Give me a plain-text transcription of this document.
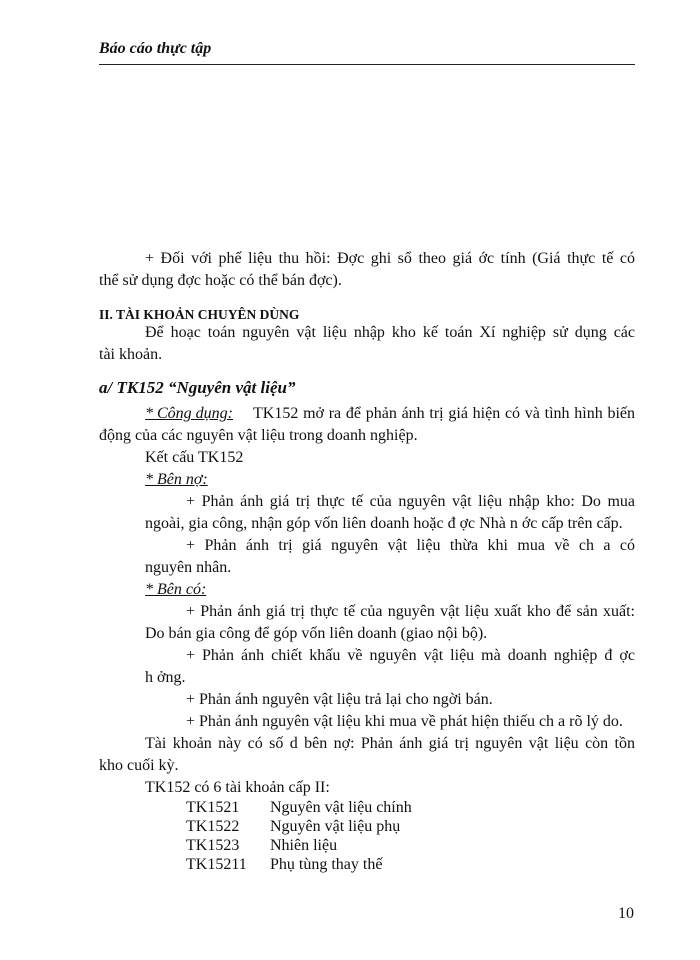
Báo cáo thực tập
+ Đối với phế liệu thu hồi: Đợc ghi sổ theo giá ớc tính (Giá thực tế có
thể sử dụng đợc hoặc có thể bán đợc).
II. TÀI KHOẢN CHUYÊN DÙNG
Để hoạc toán nguyên vật liệu nhập kho kế toán Xí nghiệp sử dụng các
tài khoản.
a/ TK152 “Nguyên vật liệu”
* Công dụng: TK152 mở ra để phản ánh trị giá hiện có và tình hình biến
động của các nguyên vật liệu trong doanh nghiệp.
Kết cấu TK152
* Bên nợ:
+ Phản ánh giá trị thực tế của nguyên vật liệu nhập kho: Do mua
ngoài, gia công, nhận góp vốn liên doanh hoặc đ ợc Nhà n ớc cấp trên cấp.
+ Phản ánh trị giá nguyên vật liệu thừa khi mua về ch a có
nguyên nhân.
* Bên có:
+ Phản ánh giá trị thực tế của nguyên vật liệu xuất kho để sản xuất:
Do bán gia công để góp vốn liên doanh (giao nội bộ).
+ Phản ánh chiết khấu về nguyên vật liệu mà doanh nghiệp đ ợc
h ởng.
+ Phản ánh nguyên vật liệu trả lại cho ngời bán.
+ Phản ánh nguyên vật liệu khi mua về phát hiện thiếu ch a rõ lý do.
Tài khoản này có số d bên nợ: Phản ánh giá trị nguyên vật liệu còn tồn
kho cuối kỳ.
TK152 có 6 tài khoản cấp II:
TK1521 Nguyên vật liệu chính
TK1522 Nguyên vật liệu phụ
TK1523 Nhiên liệu
TK15211 Phụ tùng thay thế
10
